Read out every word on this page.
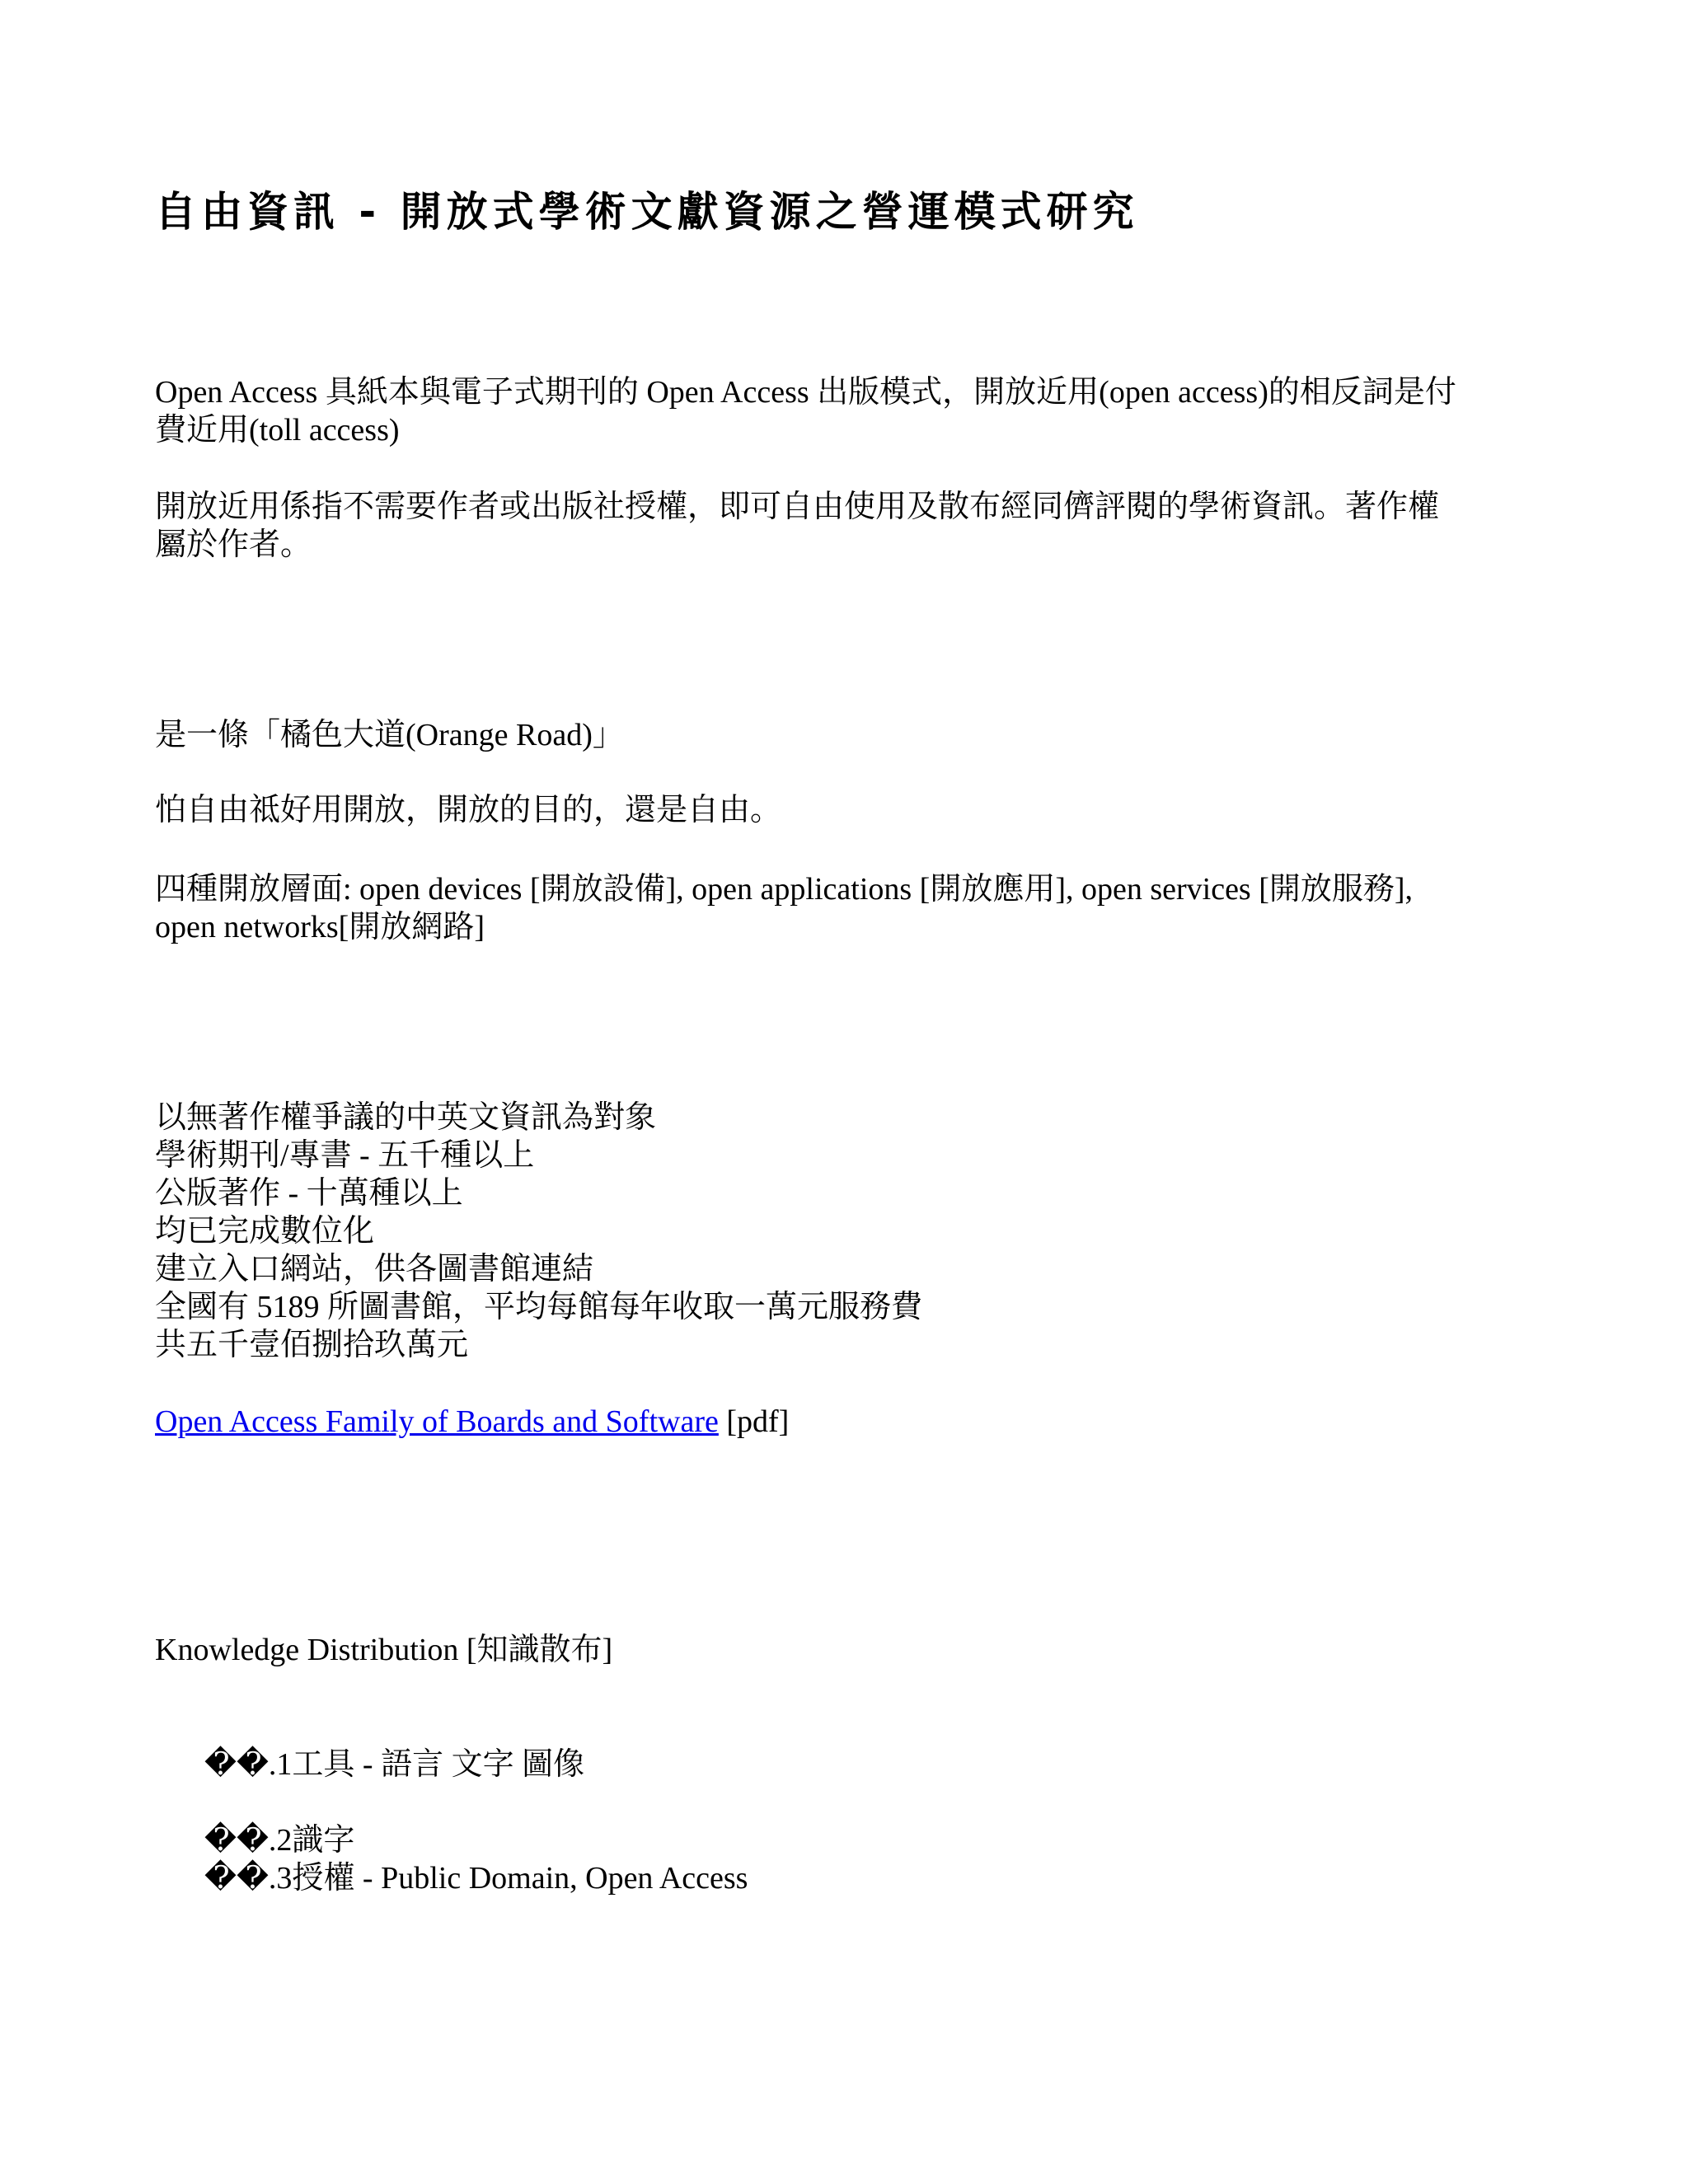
自由資訊 - 開放式學術文獻資源之營運模式研究

Open Access 具紙本與電子式期刊的 Open Access 出版模式，開放近用(open access)的相反詞是付
費近用(toll access)

開放近用係指不需要作者或出版社授權，即可自由使用及散布經同儕評閱的學術資訊。著作權
屬於作者。

是一條「橘色大道(Orange Road)」

怕自由祗好用開放，開放的目的，還是自由。

四種開放層面: open devices [開放設備], open applications [開放應用], open services [開放服務],
open networks[開放網路]

以無著作權爭議的中英文資訊為對象
學術期刊/專書 - 五千種以上
公版著作 - 十萬種以上
均已完成數位化
建立入口網站，供各圖書館連結
全國有 5189 所圖書館，平均每館每年收取一萬元服務費
共五千壹佰捌拾玖萬元

Open Access Family of Boards and Software [pdf]

Knowledge Distribution [知識散布]

��.1工具 - 語言 文字 圖像

��.2識字
��.3授權 - Public Domain, Open Access
